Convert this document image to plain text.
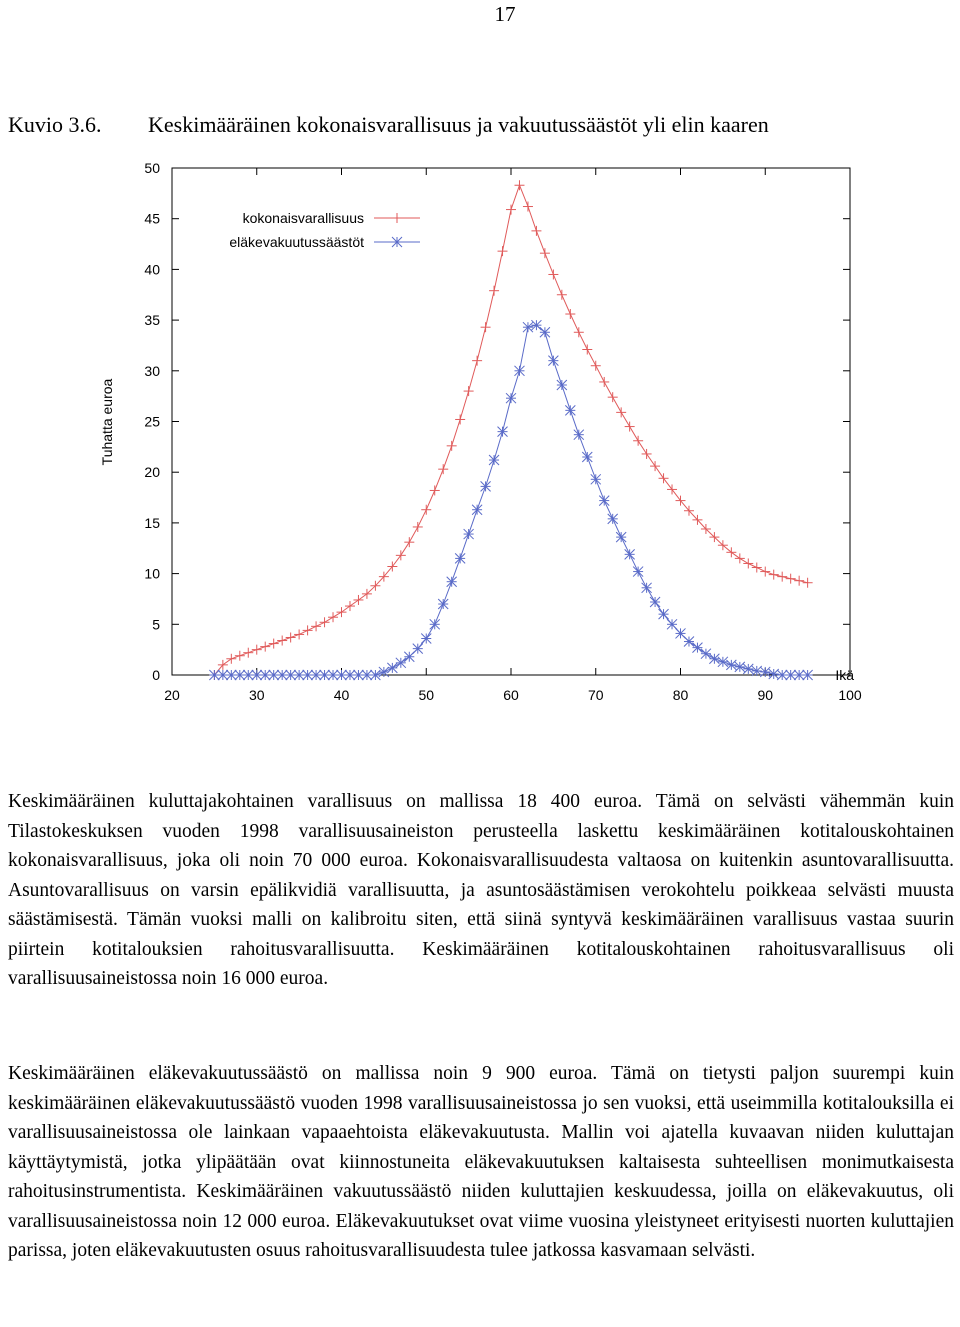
17
Kuvio 3.6. Keskimääräinen kokonaisvarallisuus ja vakuutussäästöt yli elin kaaren
0
5
10
15
20
25
30
35
40
45
50
20	30	40	50	60	70	80	90	100
Tuhatta euroa
Ikä
kokonaisvarallisuus
eläkevakuutussäästöt

Keskimääräinen kuluttajakohtainen varallisuus on mallissa 18 400 euroa. Tämä on selvästi vähemmän kuin Tilastokeskuksen vuoden 1998 varallisuusaineiston perusteella laskettu keskimääräinen kotitalouskohtainen kokonaisvarallisuus, joka oli noin 70 000 euroa. Kokonaisvarallisuudesta valtaosa on kuitenkin asuntovarallisuutta. Asuntovarallisuus on varsin epälikvidiä varallisuutta, ja asuntosäästämisen verokohtelu poikkeaa selvästi muusta säästämisestä. Tämän vuoksi malli on kalibroitu siten, että siinä syntyvä keskimääräinen varallisuus vastaa suurin piirtein kotitalouksien rahoitusvarallisuutta. Keskimääräinen kotitalouskohtainen rahoitusvarallisuus oli varallisuusaineistossa noin 16 000 euroa.

Keskimääräinen eläkevakuutussäästö on mallissa noin 9 900 euroa. Tämä on tietysti paljon suurempi kuin keskimääräinen eläkevakuutussäästö vuoden 1998 varallisuusaineistossa jo sen vuoksi, että useimmilla kotitalouksilla ei varallisuusaineistossa ole lainkaan vapaaehtoista eläkevakuutusta. Mallin voi ajatella kuvaavan niiden kuluttajan käyttäytymistä, jotka ylipäätään ovat kiinnostuneita eläkevakuutuksen kaltaisesta suhteellisen monimutkaisesta rahoitusinstrumentista. Keskimääräinen vakuutussäästö niiden kuluttajien keskuudessa, joilla on eläkevakuutus, oli varallisuusaineistossa noin 12 000 euroa. Eläkevakuutukset ovat viime vuosina yleistyneet erityisesti nuorten kuluttajien parissa, joten eläkevakuutusten osuus rahoitusvarallisuudesta tulee jatkossa kasvamaan selvästi.
